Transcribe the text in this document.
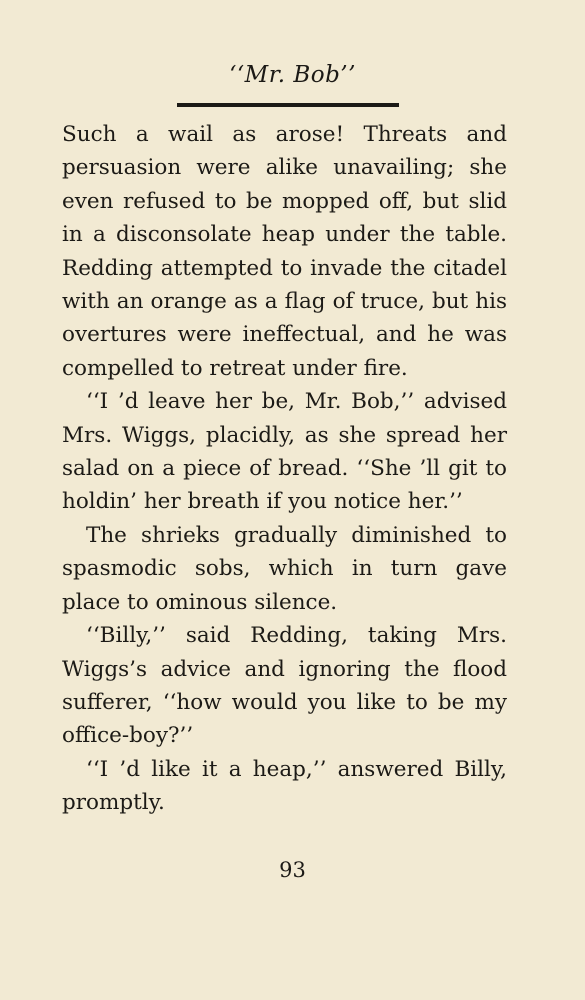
‘‘Mr. Bob’’

Such a wail as arose! Threats and persuasion were alike unavailing; she even refused to be mopped off, but slid in a disconsolate heap under the table. Redding attempted to invade the citadel with an orange as a flag of truce, but his overtures were ineffectual, and he was compelled to retreat under fire.

‘‘I ’d leave her be, Mr. Bob,’’ advised Mrs. Wiggs, placidly, as she spread her salad on a piece of bread. ‘‘She ’ll git to holdin’ her breath if you notice her.’’

The shrieks gradually diminished to spasmodic sobs, which in turn gave place to ominous silence.

‘‘Billy,’’ said Redding, taking Mrs. Wiggs’s advice and ignoring the flood sufferer, ‘‘how would you like to be my office-boy?’’

‘‘I ’d like it a heap,’’ answered Billy, promptly.

93
